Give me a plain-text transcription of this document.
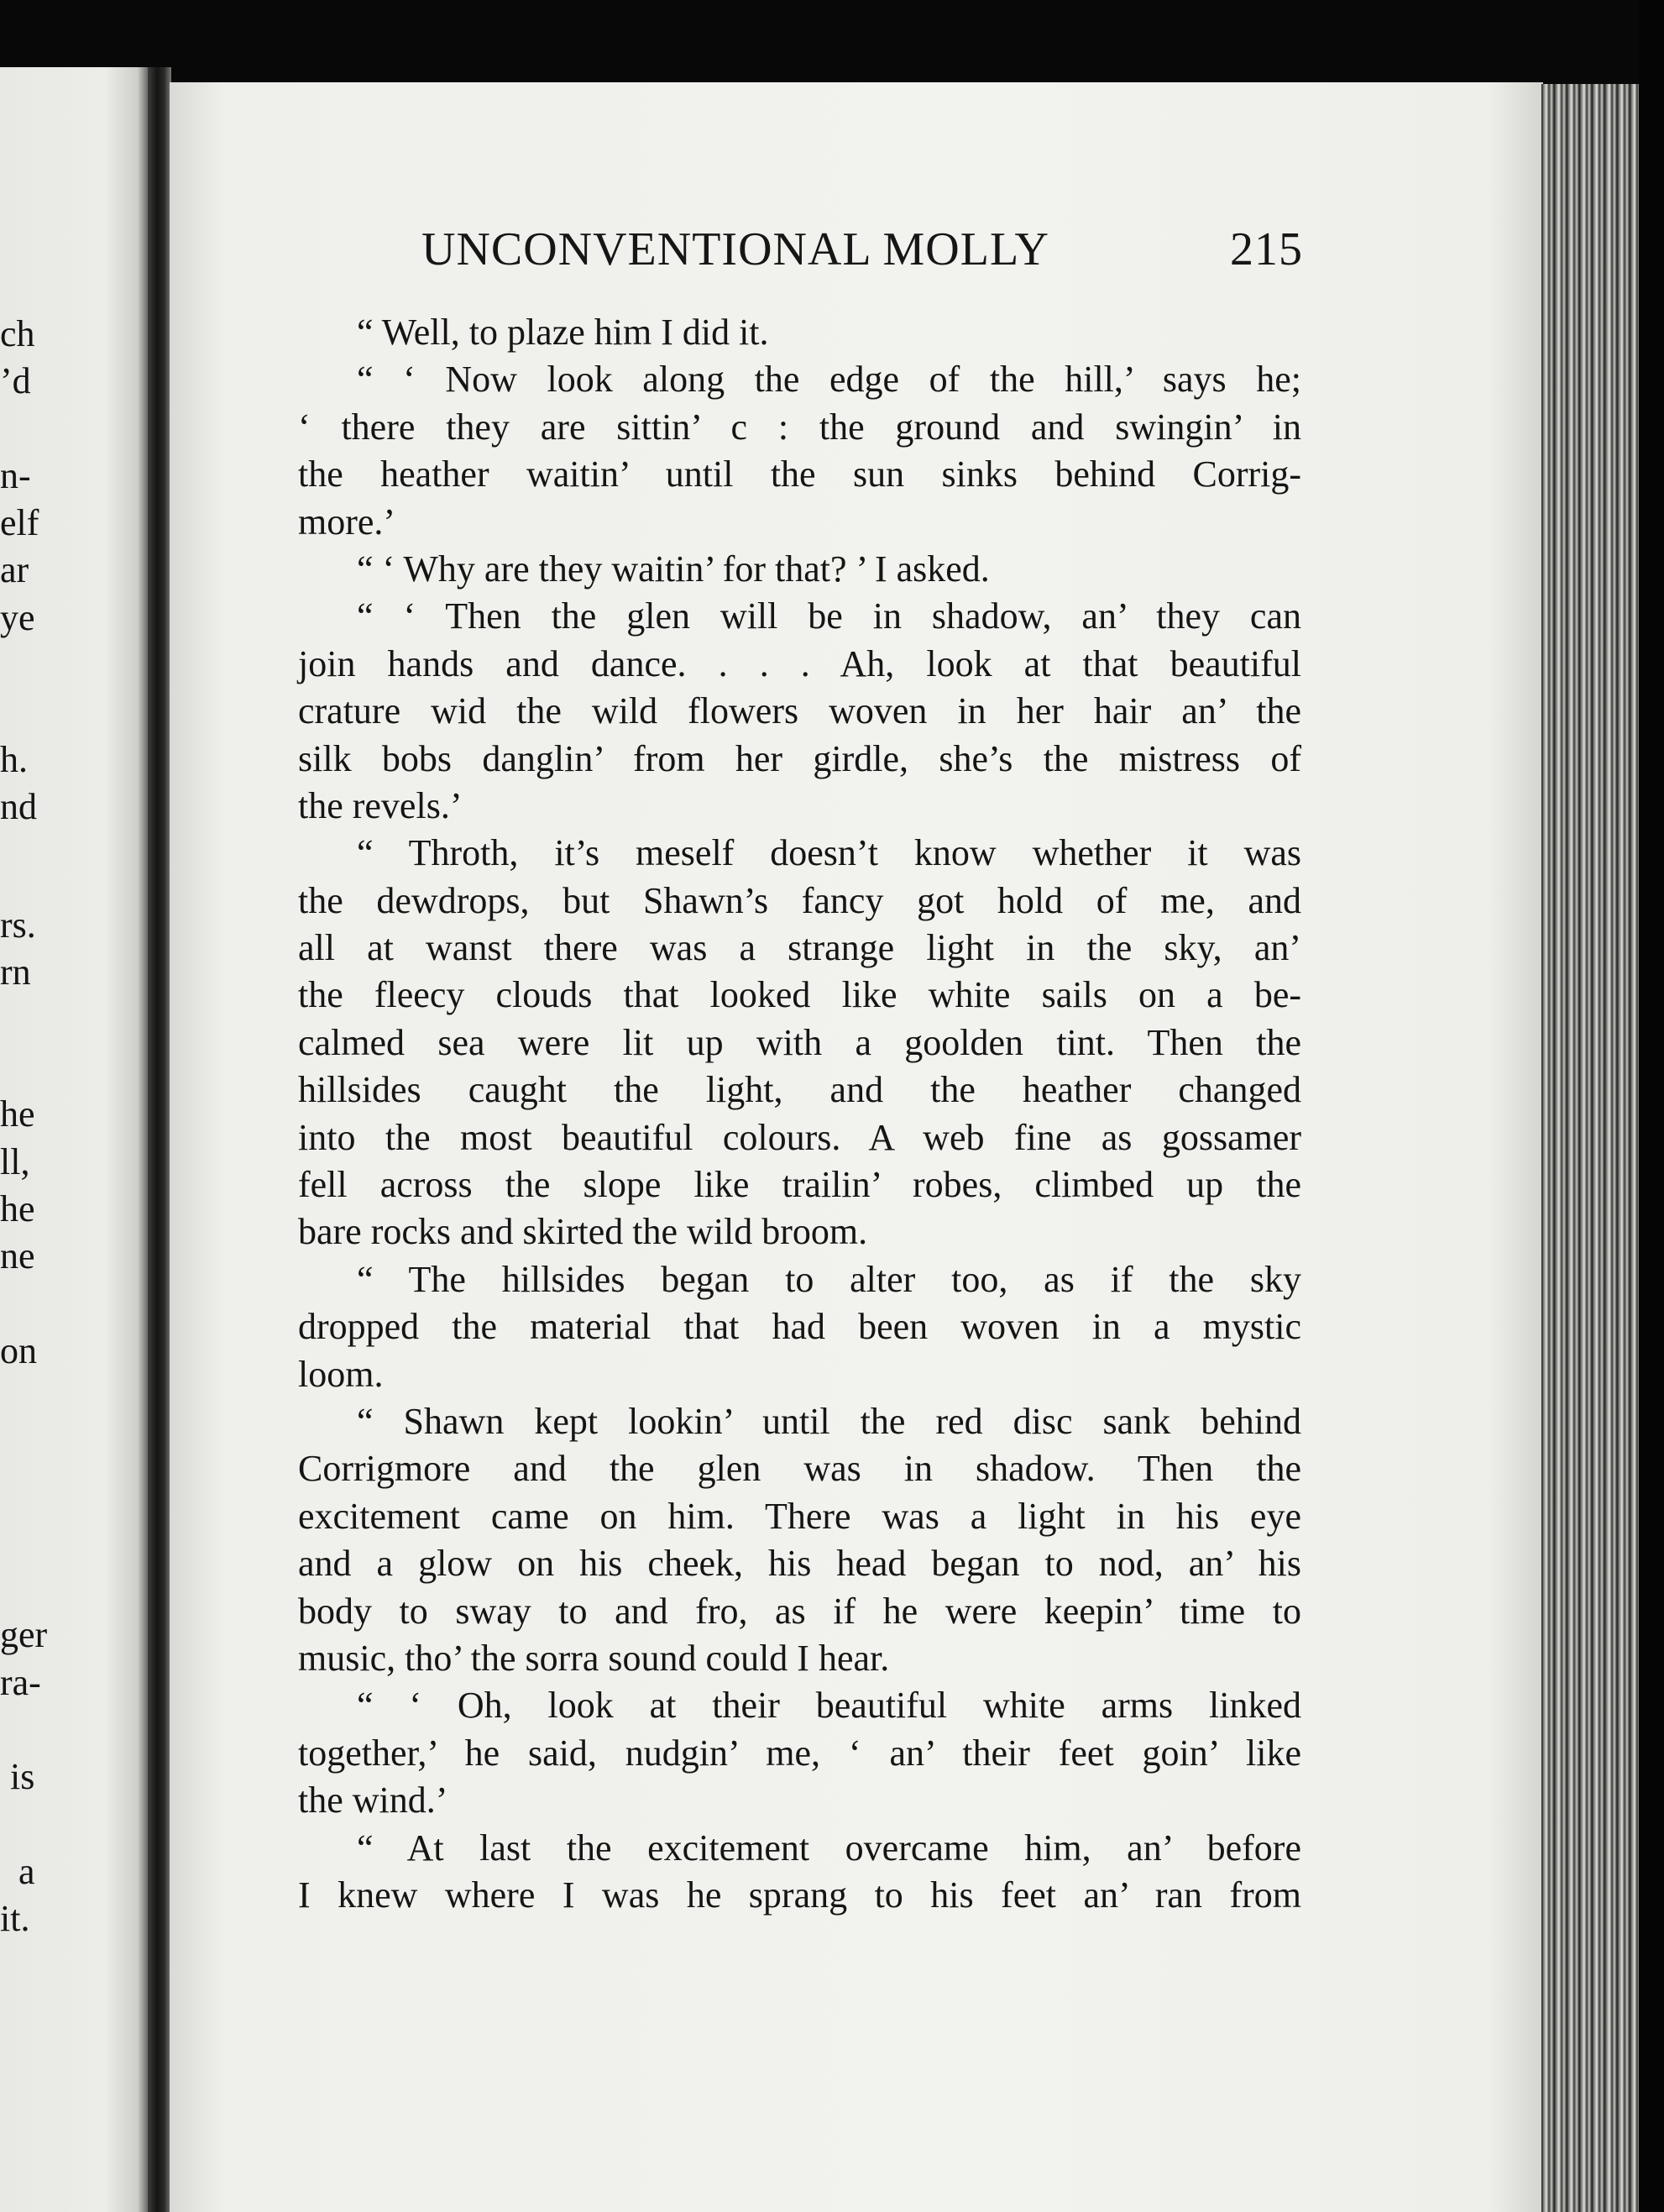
ch
’d
n-
elf
ar
ye
h.
nd
rs.
rn
he
ll,
he
ne
on
ger
ra-
is
a
it.
UNCONVENTIONAL MOLLY	215
“ Well, to plaze him I did it.
“ ‘ Now look along the edge of the hill,’ says he;
‘ there they are sittin’ c : the ground and swingin’ in
the heather waitin’ until the sun sinks behind Corrig-
more.’
“ ‘ Why are they waitin’ for that? ’ I asked.
“ ‘ Then the glen will be in shadow, an’ they can
join hands and dance. . . . Ah, look at that beautiful
crature wid the wild flowers woven in her hair an’ the
silk bobs danglin’ from her girdle, she’s the mistress of
the revels.’
“ Throth, it’s meself doesn’t know whether it was
the dewdrops, but Shawn’s fancy got hold of me, and
all at wanst there was a strange light in the sky, an’
the fleecy clouds that looked like white sails on a be-
calmed sea were lit up with a goolden tint. Then the
hillsides caught the light, and the heather changed
into the most beautiful colours. A web fine as gossamer
fell across the slope like trailin’ robes, climbed up the
bare rocks and skirted the wild broom.
“ The hillsides began to alter too, as if the sky
dropped the material that had been woven in a mystic
loom.
“ Shawn kept lookin’ until the red disc sank behind
Corrigmore and the glen was in shadow. Then the
excitement came on him. There was a light in his eye
and a glow on his cheek, his head began to nod, an’ his
body to sway to and fro, as if he were keepin’ time to
music, tho’ the sorra sound could I hear.
“ ‘ Oh, look at their beautiful white arms linked
together,’ he said, nudgin’ me, ‘ an’ their feet goin’ like
the wind.’
“ At last the excitement overcame him, an’ before
I knew where I was he sprang to his feet an’ ran from
